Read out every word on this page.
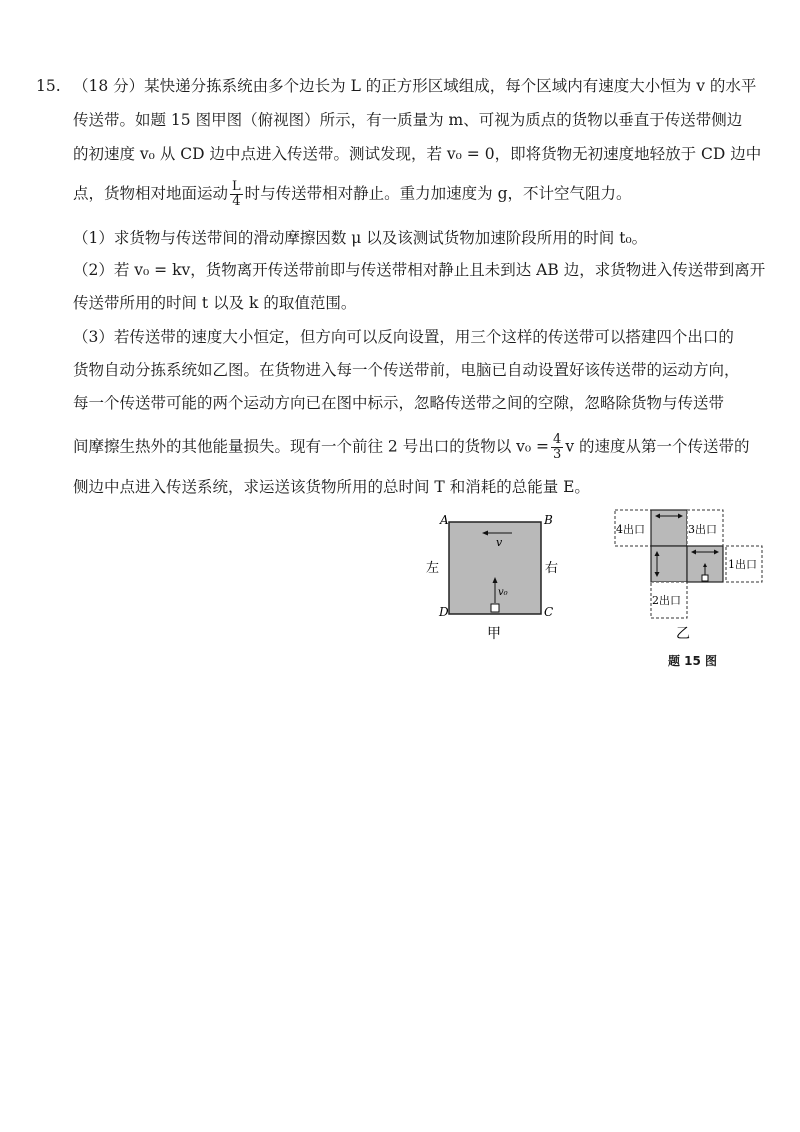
15. （18 分）某快递分拣系统由多个边长为 L 的正方形区域组成，每个区域内有速度大小恒为 v 的水平
传送带。如题 15 图甲图（俯视图）所示，有一质量为 m、可视为质点的货物以垂直于传送带侧边
的初速度 v₀ 从 CD 边中点进入传送带。测试发现，若 v₀ = 0，即将货物无初速度地轻放于 CD 边中
点，货物相对地面运动 $\frac{L}{4}$ 时与传送带相对静止。重力加速度为 g，不计空气阻力。
（1）求货物与传送带间的滑动摩擦因数 μ 以及该测试货物加速阶段所用的时间 t₀。
（2）若 v₀ = kv，货物离开传送带前即与传送带相对静止且未到达 AB 边，求货物进入传送带到离开
传送带所用的时间 t 以及 k 的取值范围。
（3）若传送带的速度大小恒定，但方向可以反向设置，用三个这样的传送带可以搭建四个出口的
货物自动分拣系统如乙图。在货物进入每一个传送带前，电脑已自动设置好该传送带的运动方向，
每一个传送带可能的两个运动方向已在图中标示，忽略传送带之间的空隙，忽略除货物与传送带
间摩擦生热外的其他能量损失。现有一个前往 2 号出口的货物以 $v_0 = \frac{4}{3}$ v 的速度从第一个传送带的
侧边中点进入传送系统，求运送该货物所用的总时间 T 和消耗的总能量 E。
A	B
D	C
左	右
v
v₀
甲
4出口	3出口
1出口
2出口
乙
题 15 图
